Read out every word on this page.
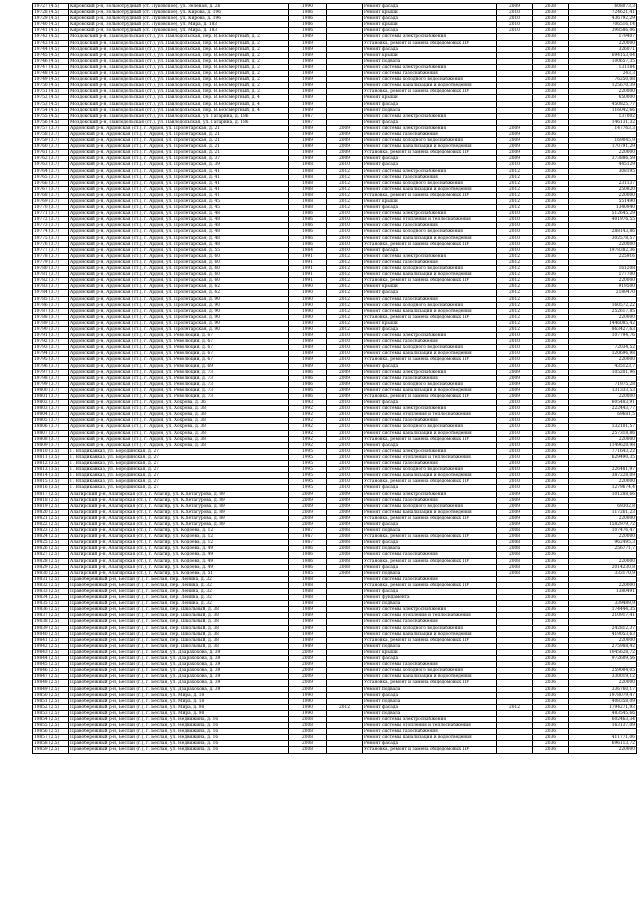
19727 (4.5)	Кировский р-н, Зольнотрудный (ст. Луковское), ул. Зеленая, д. 26	1990		Ремонт фасада	2009	2038	608073,3
19728 (4.5)	Кировский р-н, Зольнотрудный (ст. Луковское), ул. Кирова, д. 196	1986		Ремонт крыши	2010	2038	724621,41
19729 (4.5)	Кировский р-н, Зольнотрудный (ст. Луковское), ул. Кирова, д. 196	1986		Ремонт фасада	2010	2038	436792,29
19740 (4.5)	Кировский р-н, Зольнотрудный (ст. Луковское), ул. Мира, д. 183	1986		Ремонт крыши	2010	2038	706516,14
19741 (4.5)	Кировский р-н, Зольнотрудный (ст. Луковское), ул. Мира, д. 183	1986		Ремонт фасада	2010	2038	398586,06
19742 (4.5)	Моздокский р-н, Павлодольская (ст.), ул. Павлодольская, пер. В.Безсмертный, д. 2	1989		Ремонт системы электроснабжения		2038	179407
19743 (4.5)	Моздокский р-н, Павлодольская (ст.), ул. Павлодольская, пер. В.Безсмертный, д. 2	1989		Установка, ремонт и замена общедомовых ПУ		2038	220000
19744 (4.5)	Моздокский р-н, Павлодольская (ст.), ул. Павлодольская, пер. В.Безсмертный, д. 2	1989		Ремонт фасада		2038	326071
19745 (4.5)	Моздокский р-н, Павлодольская (ст.), ул. Павлодольская, пер. В.Безсмертный, д. 2	1989		Ремонт крыши		2038	694153,04
19746 (4.5)	Моздокский р-н, Павлодольская (ст.), ул. Павлодольская, пер. В.Безсмертный, д. 2	1989		Ремонт подвала		2038	100657,35
19747 (4.5)	Моздокский р-н, Павлодольская (ст.), ул. Павлодольская, пер. В.Безсмертный, д. 2	1989		Ремонт системы электроснабжения		2038	131184
19748 (4.5)	Моздокский р-н, Павлодольская (ст.), ул. Павлодольская, пер. В.Безсмертный, д. 2	1989		Ремонт системы газоснабжения		2038	243,3
19749 (4.5)	Моздокский р-н, Павлодольская (ст.), ул. Павлодольская, пер. В.Безсмертный, д. 2	1989		Ремонт системы холодного водоснабжения		2038	76250,08
19750 (4.5)	Моздокский р-н, Павлодольская (ст.), ул. Павлодольская, пер. В.Безсмертный, д. 2	1989		Ремонт системы канализации и водоотведения		2038	125670,39
19751 (4.5)	Моздокский р-н, Павлодольская (ст.), ул. Павлодольская, пер. В.Безсмертный, д. 2	1989		Установка, ремонт и замена общедомовых ПУ		2038	220000
19752 (4.5)	Моздокский р-н, Павлодольская (ст.), ул. Павлодольская, пер. В.Безсмертный, д. 4	1989		Ремонт крыши		2038	650000
19753 (4.5)	Моздокский р-н, Павлодольская (ст.), ул. Павлодольская, пер. В.Безсмертный, д. 4	1989		Ремонт фасада		2038	450825,77
19754 (4.5)	Моздокский р-н, Павлодольская (ст.), ул. Павлодольская, пер. В.Безсмертный, д. 4	1989		Ремонт подвала		2038	116042,66
19755 (4.5)	Моздокский р-н, Павлодольская (ст.), ул. Павлодольская, ул. Гагарина, д. 186	1987		Ремонт системы электроснабжения		2038	137002
19756 (4.5)	Моздокский р-н, Павлодольская (ст.), ул. Павлодольская, ул. Гагарина, д. 186	1987		Ремонт фасада		2038	146131,32
19757 (3.7)	Ардонский р-н, Ардонская (ст.), г. Ардон, ул. Пролетарская, д. 21	1989	2009	Ремонт системы электроснабжения	2009	2036	147763,3
19758 (3.7)	Ардонский р-н, Ардонская (ст.), г. Ардон, ул. Пролетарская, д. 21	1989	2009	Ремонт системы газоснабжения	2009	2036	
19759 (3.7)	Ардонский р-н, Ардонская (ст.), г. Ардон, ул. Пролетарская, д. 21	1989	2009	Ремонт системы холодного водоснабжения	2009	2036	169045,9
19760 (3.7)	Ардонский р-н, Ардонская (ст.), г. Ардон, ул. Пролетарская, д. 21	1989	2009	Ремонт системы канализации и водоотведения	2009	2036	170791,29
19761 (3.7)	Ардонский р-н, Ардонская (ст.), г. Ардон, ул. Пролетарская, д. 21	1989	2009	Установка, ремонт и замена общедомовых ПУ	2009	2036	220000
19762 (3.7)	Ардонский р-н, Ардонская (ст.), г. Ардон, ул. Пролетарская, д. 37	1989	2009	Ремонт фасада	2009	2036	373886,59
19763 (3.7)	Ардонский р-н, Ардонская (ст.), г. Ардон, ул. Пролетарская, д. 39	1988	2010	Ремонт фасада	2010	2036	445129
19764 (3.7)	Ардонский р-н, Ардонская (ст.), г. Ардон, ул. Пролетарская, д. 41	1988	2012	Ремонт системы электроснабжения	2012	2036	308195
19765 (3.7)	Ардонский р-н, Ардонская (ст.), г. Ардон, ул. Пролетарская, д. 41	1988	2012	Ремонт системы газоснабжения	2012	2036	
19766 (3.7)	Ардонский р-н, Ардонская (ст.), г. Ардон, ул. Пролетарская, д. 41	1988	2012	Ремонт системы холодного водоснабжения	2012	2036	231137
19767 (3.7)	Ардонский р-н, Ардонская (ст.), г. Ардон, ул. Пролетарская, д. 41	1988	2012	Ремонт системы канализации и водоотведения	2012	2036	250820
19768 (3.7)	Ардонский р-н, Ардонская (ст.), г. Ардон, ул. Пролетарская, д. 41	1988	2012	Установка, ремонт и замена общедомовых ПУ	2012	2036	220000
19769 (3.7)	Ардонский р-н, Ардонская (ст.), г. Ардон, ул. Пролетарская, д. 45	1988	2012	Ремонт крыши	2012	2036	551490
19770 (3.7)	Ардонский р-н, Ардонская (ст.), г. Ардон, ул. Пролетарская, д. 45	1988	2012	Ремонт фасада	2012	2036	1340940
19771 (3.7)	Ардонский р-н, Ардонская (ст.), г. Ардон, ул. Пролетарская, д. 48	1986	2010	Ремонт системы электроснабжения	2010	2036	512645,29
19772 (3.7)	Ардонский р-н, Ардонская (ст.), г. Ардон, ул. Пролетарская, д. 48	1986	2010	Ремонт системы отопления и теплоснабжения	2010	2036	401976,55
19773 (3.7)	Ардонский р-н, Ардонская (ст.), г. Ардон, ул. Пролетарская, д. 48	1986	2010	Ремонт системы газоснабжения	2010	2036	
19774 (3.7)	Ардонский р-н, Ардонская (ст.), г. Ардон, ул. Пролетарская, д. 48	1986	2010	Ремонт системы холодного водоснабжения	2010	2036	288143,86
19775 (3.7)	Ардонский р-н, Ардонская (ст.), г. Ардон, ул. Пролетарская, д. 48	1986	2010	Ремонт системы канализации и водоотведения	2010	2036	302578,57
19776 (3.7)	Ардонский р-н, Ардонская (ст.), г. Ардон, ул. Пролетарская, д. 48	1986	2010	Установка, ремонт и замена общедомовых ПУ	2010	2036	220000
19777 (3.7)	Ардонский р-н, Ардонская (ст.), г. Ардон, ул. Пролетарская, д. 55	1984	2010	Ремонт фасада	2010	2036	1978382,36
19778 (3.7)	Ардонский р-н, Ардонская (ст.), г. Ардон, ул. Пролетарская, д. 60	1991	2012	Ремонт системы электроснабжения	2012	2036	225916
19779 (3.7)	Ардонский р-н, Ардонская (ст.), г. Ардон, ул. Пролетарская, д. 60	1991	2012	Ремонт системы газоснабжения	2012	2036	
19780 (3.7)	Ардонский р-н, Ардонская (ст.), г. Ардон, ул. Пролетарская, д. 60	1991	2012	Ремонт системы холодного водоснабжения	2012	2036	161208
19781 (3.7)	Ардонский р-н, Ардонская (ст.), г. Ардон, ул. Пролетарская, д. 60	1991	2012	Ремонт системы канализации и водоотведения	2012	2036	177700
19782 (3.7)	Ардонский р-н, Ардонская (ст.), г. Ардон, ул. Пролетарская, д. 60	1991	2012	Установка, ремонт и замена общедомовых ПУ	2012	2036	220000
19783 (3.7)	Ардонский р-н, Ардонская (ст.), г. Ардон, ул. Пролетарская, д. 62	1990	2012	Ремонт крыши	2012	2036	919500
19784 (3.7)	Ардонский р-н, Ардонская (ст.), г. Ардон, ул. Пролетарская, д. 62	1990	2012	Ремонт фасада	2012	2036	2189470
19785 (3.7)	Ардонский р-н, Ардонская (ст.), г. Ардон, ул. Пролетарская, д. 90	1990	2012	Ремонт системы газоснабжения	2012	2036	
19786 (3.7)	Ардонский р-н, Ардонская (ст.), г. Ардон, ул. Пролетарская, д. 90	1990	2012	Ремонт системы холодного водоснабжения	2012	2036	160572,22
19787 (3.7)	Ардонский р-н, Ардонская (ст.), г. Ардон, ул. Пролетарская, д. 90	1990	2012	Ремонт системы канализации и водоотведения	2012	2036	252617,85
19788 (3.7)	Ардонский р-н, Ардонская (ст.), г. Ардон, ул. Пролетарская, д. 90	1990	2012	Установка, ремонт и замена общедомовых ПУ	2012	2036	220000
19789 (3.7)	Ардонский р-н, Ардонская (ст.), г. Ардон, ул. Пролетарская, д. 90	1990	2012	Ремонт крыши	2012	2036	1446085,42
19790 (3.7)	Ардонский р-н, Ардонская (ст.), г. Ардон, ул. Пролетарская, д. 90	1990	2012	Ремонт фасада	2012	2036	863427,63
19791 (3.7)	Ардонский р-н, Ардонская (ст.), г. Ардон, ул. Революции, д. 67	1989	2010	Ремонт системы электроснабжения	2010	2036	107794,76
19792 (3.7)	Ардонский р-н, Ардонская (ст.), г. Ардон, ул. Революции, д. 67	1989	2010	Ремонт системы газоснабжения	2010	2036	
19793 (3.7)	Ардонский р-н, Ардонская (ст.), г. Ардон, ул. Революции, д. 67	1989	2010	Ремонт системы холодного водоснабжения	2010	2036	72034,52
19794 (3.7)	Ардонский р-н, Ардонская (ст.), г. Ардон, ул. Революции, д. 67	1989	2010	Ремонт системы канализации и водоотведения	2010	2036	120696,98
19795 (3.7)	Ардонский р-н, Ардонская (ст.), г. Ардон, ул. Революции, д. 67	1989	2010	Установка, ремонт и замена общедомовых ПУ	2010	2036	220000
19796 (3.7)	Ардонский р-н, Ардонская (ст.), г. Ардон, ул. Революции, д. 69	1989	2010	Ремонт фасада	2010	2036	435123,7
19797 (3.7)	Ардонский р-н, Ардонская (ст.), г. Ардон, ул. Революции, д. 73	1986	2009	Ремонт системы электроснабжения	2009	2036	105201,96
19798 (3.7)	Ардонский р-н, Ардонская (ст.), г. Ардон, ул. Революции, д. 73	1986	2009	Ремонт системы газоснабжения	2009	2036	
19799 (3.7)	Ардонский р-н, Ардонская (ст.), г. Ардон, ул. Революции, д. 73	1986	2009	Ремонт системы холодного водоснабжения	2009	2036	71975,28
19800 (3.7)	Ардонский р-н, Ардонская (ст.), г. Ардон, ул. Революции, д. 73	1986	2009	Ремонт системы канализации и водоотведения	2009	2036	131333,53
19801 (3.7)	Ардонский р-н, Ардонская (ст.), г. Ардон, ул. Революции, д. 73	1986	2009	Установка, ремонт и замена общедомовых ПУ	2009	2036	220000
19802 (3.7)	Ардонский р-н, Ардонская (ст.), г. Ардон, ул. Хохрова, д. 36	1993	2010	Ремонт фасада	2010	2036	605483,91
19803 (3.7)	Ардонский р-н, Ардонская (ст.), г. Ардон, ул. Хохрова, д. 38	1992	2010	Ремонт системы электроснабжения	2010	2036	222443,77
19804 (3.7)	Ардонский р-н, Ардонская (ст.), г. Ардон, ул. Хохрова, д. 38	1992	2010	Ремонт системы отопления и теплоснабжения	2010	2036	69681,5
19805 (3.7)	Ардонский р-н, Ардонская (ст.), г. Ардон, ул. Хохрова, д. 38	1992	2010	Ремонт системы газоснабжения	2010	2036	
19806 (3.7)	Ардонский р-н, Ардонская (ст.), г. Ардон, ул. Хохрова, д. 38	1992	2010	Ремонт системы холодного водоснабжения	2010	2036	132101,57
19807 (3.7)	Ардонский р-н, Ардонская (ст.), г. Ардон, ул. Хохрова, д. 38	1992	2010	Ремонт системы канализации и водоотведения	2010	2036	257318,86
19808 (3.7)	Ардонский р-н, Ардонская (ст.), г. Ардон, ул. Хохрова, д. 38	1992	2010	Установка, ремонт и замена общедомовых ПУ	2010	2036	220000
19809 (3.7)	Ардонский р-н, Ардонская (ст.), г. Ардон, ул. Хохрова, д. 38	1992	2010	Ремонт фасада	2010	2036	1149628,98
19810 (3.5)	Г. Владикавказ, ул. Бородинская, д. 27	1995	2010	Ремонт системы электроснабжения	2010	2036	771643,22
19811 (3.5)	Г. Владикавказ, ул. Бородинская, д. 27	1995	2010	Ремонт системы отопления и теплоснабжения	2010	2036	629490,35
19812 (3.5)	Г. Владикавказ, ул. Бородинская, д. 27	1995	2010	Ремонт системы газоснабжения	2010	2036	
19813 (3.5)	Г. Владикавказ, ул. Бородинская, д. 27	1995	2010	Ремонт системы холодного водоснабжения	2010	2036	226481,97
19814 (3.5)	Г. Владикавказ, ул. Бородинская, д. 27	1995	2010	Ремонт системы канализации и водоотведения	2010	2036	387228,09
19815 (3.5)	Г. Владикавказ, ул. Бородинская, д. 27	1995	2010	Установка, ремонт и замена общедомовых ПУ	2010	2036	220000
19816 (3.5)	Г. Владикавказ, ул. Бородинская, д. 27	1995	2010	Ремонт фасада	2010	2036	1279674,4
19817 (2.5)	Алагирский р-н, Алагирская (ст.), г. Алагир, ул. К.Хетагурова, д. 89	2009	2009	Ремонт системы электроснабжения	2009	2036	101288,66
19818 (2.5)	Алагирский р-н, Алагирская (ст.), г. Алагир, ул. К.Хетагурова, д. 89	2009	2009	Ремонт системы газоснабжения	2009	2036	
19819 (2.5)	Алагирский р-н, Алагирская (ст.), г. Алагир, ул. К.Хетагурова, д. 89	2009	2009	Ремонт системы холодного водоснабжения	2009	2036	69302,8
19820 (2.5)	Алагирский р-н, Алагирская (ст.), г. Алагир, ул. К.Хетагурова, д. 89	2009	2009	Ремонт системы канализации и водоотведения	2009	2036	117261,23
19821 (2.5)	Алагирский р-н, Алагирская (ст.), г. Алагир, ул. К.Хетагурова, д. 89	2009	2009	Установка, ремонт и замена общедомовых ПУ	2009	2036	220000
19822 (2.5)	Алагирский р-н, Алагирская (ст.), г. Алагир, ул. К.Хетагурова, д. 89	2009	2009	Ремонт фасада	2009	2036	1582979,72
19823 (2.5)	Алагирский р-н, Алагирская (ст.), г. Алагир, ул. Кодоева, д. 12	1987	2008	Ремонт подвала	2008	2036	107476,47
19824 (2.5)	Алагирский р-н, Алагирская (ст.), г. Алагир, ул. Кодоева, д. 12	1987	2008	Установка, ремонт и замена общедомовых ПУ	2008	2036	220000
19825 (2.5)	Алагирский р-н, Алагирская (ст.), г. Алагир, ул. Кодоева, д. 12	1987	2008	Ремонт фасада	2008	2036	962495,3
19826 (2.5)	Алагирский р-н, Алагирская (ст.), г. Алагир, ул. Кодоева, д. 49	1986	2008	Ремонт подвала	2008	2036	256771,7
19827 (2.5)	Алагирский р-н, Алагирская (ст.), г. Алагир, ул. Кодоева, д. 49	1986	2008	Ремонт системы газоснабжения	2008	2036	
19828 (2.5)	Алагирский р-н, Алагирская (ст.), г. Алагир, ул. Кодоева, д. 49	1986	2008	Установка, ремонт и замена общедомовых ПУ	2008	2036	220000
19829 (2.5)	Алагирский р-н, Алагирская (ст.), г. Алагир, ул. Кодоева, д. 49	1986	2008	Ремонт фасада	2008	2036	2014230,8
19830 (2.5)	Алагирский р-н, Алагирская (ст.), г. Алагир, ул. Кодоева, д. 51	1985	2008	Ремонт подвала	2008	2036	333170,9
19831 (2.5)	Правобережный р-н, Беслан (г.), г. Беслан, пер. Ленина, д. 32	1988		Ремонт системы газоснабжения		2036	
19832 (2.5)	Правобережный р-н, Беслан (г.), г. Беслан, пер. Ленина, д. 32	1988		Установка, ремонт и замена общедомовых ПУ		2036	220000
19833 (2.5)	Правобережный р-н, Беслан (г.), г. Беслан, пер. Ленина, д. 32	1988		Ремонт фасада		2036	1380491
19834 (2.5)	Правобережный р-н, Беслан (г.), г. Беслан, пер. Ленина, д. 32	1988		Ремонт фундамента		2036	
19835 (2.5)	Правобережный р-н, Беслан (г.), г. Беслан, пер. Ленина, д. 32	1988		Ремонт подвала		2036	339489,9
19836 (2.5)	Правобережный р-н, Беслан (г.), г. Беслан, пер. Школьный, д. 38	1989		Ремонт системы электроснабжения		2036	174444,35
19837 (2.5)	Правобережный р-н, Беслан (г.), г. Беслан, пер. Школьный, д. 38	1989		Ремонт системы отопления и теплоснабжения		2036	210917,41
19838 (2.5)	Правобережный р-н, Беслан (г.), г. Беслан, пер. Школьный, д. 38	1989		Ремонт системы газоснабжения		2036	
19839 (2.5)	Правобережный р-н, Беслан (г.), г. Беслан, пер. Школьный, д. 38	1989		Ремонт системы холодного водоснабжения		2036	242812,37
19840 (2.5)	Правобережный р-н, Беслан (г.), г. Беслан, пер. Школьный, д. 38	1989		Ремонт системы канализации и водоотведения		2036	419053,63
19841 (2.5)	Правобережный р-н, Беслан (г.), г. Беслан, пер. Школьный, д. 38	1989		Установка, ремонт и замена общедомовых ПУ		2036	220000
19842 (2.5)	Правобережный р-н, Беслан (г.), г. Беслан, пер. Школьный, д. 38	1989		Ремонт подвала		2036	275988,42
19843 (2.5)	Правобережный р-н, Беслан (г.), г. Беслан, ул. Дзарахохова, д. 39	2009		Ремонт крыши		2036	1045628,72
19844 (2.5)	Правобережный р-н, Беслан (г.), г. Беслан, ул. Дзарахохова, д. 39	2009		Ремонт фасада		2036	972609,56
19845 (2.5)	Правобережный р-н, Беслан (г.), г. Беслан, ул. Дзарахохова, д. 39	2009		Ремонт системы газоснабжения		2036	
19846 (2.5)	Правобережный р-н, Беслан (г.), г. Беслан, ул. Дзарахохова, д. 39	2009		Ремонт системы холодного водоснабжения		2036	259004,05
19847 (2.5)	Правобережный р-н, Беслан (г.), г. Беслан, ул. Дзарахохова, д. 39	2009		Ремонт системы канализации и водоотведения		2036	330019,12
19848 (2.5)	Правобережный р-н, Беслан (г.), г. Беслан, ул. Дзарахохова, д. 39	2009		Установка, ремонт и замена общедомовых ПУ		2036	220000
19849 (2.5)	Правобережный р-н, Беслан (г.), г. Беслан, ул. Дзарахохова, д. 39	2009		Ремонт подвала		2036	336760,17
19850 (2.5)	Правобережный р-н, Беслан (г.), г. Беслан, ул. Мира, д. 18	1990		Ремонт фасада		2036	1978079,47
19851 (2.5)	Правобережный р-н, Беслан (г.), г. Беслан, ул. Мира, д. 18	1990		Ремонт подвала		2036	408358,09
19852 (2.5)	Правобережный р-н, Беслан (г.), г. Беслан, ул. Мира, д. 98	1990	2012	Ремонт фасада	2012	2036	1794271,93
19853 (2.5)	Правобережный р-н, Беслан (г.), г. Беслан, ул. Мира, д. 98	1990		Ремонт подвала		2036	483545,66
19854 (2.5)	Правобережный р-н, Беслан (г.), г. Беслан, ул. Недвижина, д. 16	2008		Ремонт системы электроснабжения		2036	602463,34
19855 (2.5)	Правобережный р-н, Беслан (г.), г. Беслан, ул. Недвижина, д. 16	2008		Ремонт системы отопления и теплоснабжения		2036	163137,09
19856 (2.5)	Правобережный р-н, Беслан (г.), г. Беслан, ул. Недвижина, д. 16	2008		Ремонт системы газоснабжения		2036	
19857 (2.5)	Правобережный р-н, Беслан (г.), г. Беслан, ул. Недвижина, д. 16	2008		Ремонт системы канализации и водоотведения		2036	411771,06
19858 (2.5)	Правобережный р-н, Беслан (г.), г. Беслан, ул. Недвижина, д. 16	2008		Ремонт фасада		2036	696113,72
19859 (2.5)	Правобережный р-н, Беслан (г.), г. Беслан, ул. Недвижина, д. 16	2008		Установка, ремонт и замена общедомовых ПУ		2036	220000
